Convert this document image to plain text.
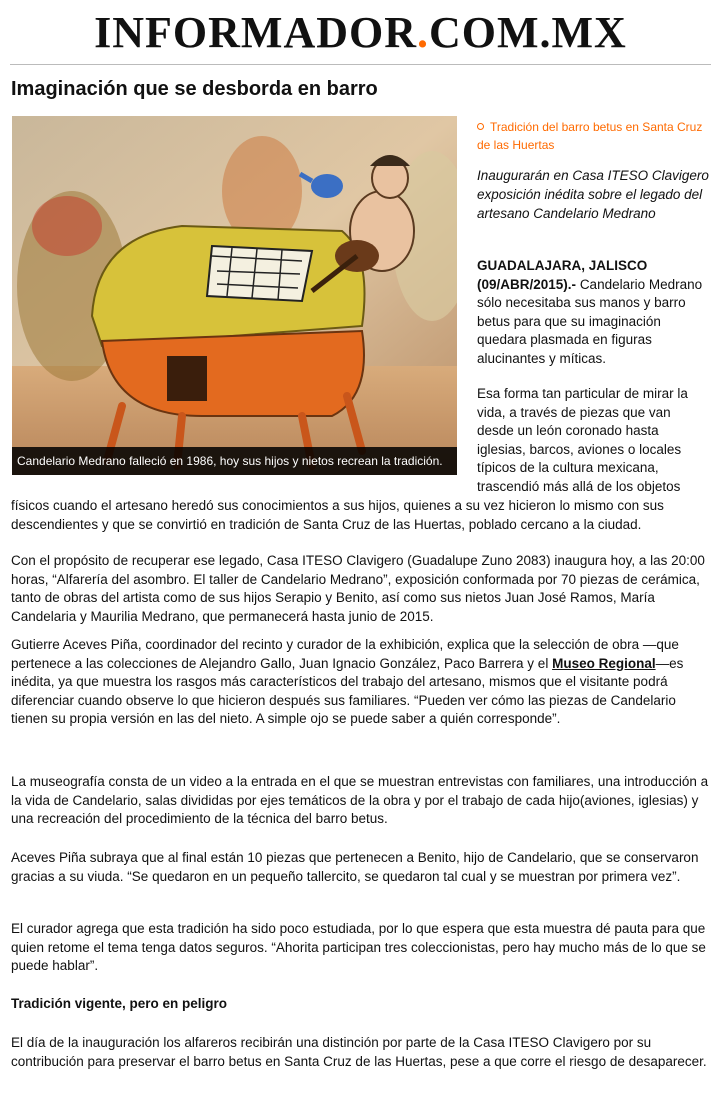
INFORMADOR.COM.MX
Imaginación que se desborda en barro
Candelario Medrano falleció en 1986, hoy sus hijos y nietos recrean la tradición.
Tradición del barro betus en Santa Cruz de las Huertas

Inaugurarán en Casa ITESO Clavigero exposición inédita sobre el legado del artesano Candelario Medrano

GUADALAJARA, JALISCO (09/ABR/2015).- Candelario Medrano sólo necesitaba sus manos y barro betus para que su imaginación quedara plasmada en figuras alucinantes y míticas.

Esa forma tan particular de mirar la vida, a través de piezas que van desde un león coronado hasta iglesias, barcos, aviones o locales típicos de la cultura mexicana, trascendió más allá de los objetos

físicos cuando el artesano heredó sus conocimientos a sus hijos, quienes a su vez hicieron lo mismo con sus descendientes y que se convirtió en tradición de Santa Cruz de las Huertas, poblado cercano a la ciudad.

Con el propósito de recuperar ese legado, Casa ITESO Clavigero (Guadalupe Zuno 2083) inaugura hoy, a las 20:00 horas, “Alfarería del asombro. El taller de Candelario Medrano”, exposición conformada por 70 piezas de cerámica, tanto de obras del artista como de sus hijos Serapio y Benito, así como sus nietos Juan José Ramos, María Candelaria y Maurilia Medrano, que permanecerá hasta junio de 2015.

Gutierre Aceves Piña, coordinador del recinto y curador de la exhibición, explica que la selección de obra —que pertenece a las colecciones de Alejandro Gallo, Juan Ignacio González, Paco Barrera y el Museo Regional—es inédita, ya que muestra los rasgos más característicos del trabajo del artesano, mismos que el visitante podrá diferenciar cuando observe lo que hicieron después sus familiares. “Pueden ver cómo las piezas de Candelario tienen su propia versión en las del nieto. A simple ojo se puede saber a quién corresponde”.

La museografía consta de un video a la entrada en el que se muestran entrevistas con familiares, una introducción a la vida de Candelario, salas divididas por ejes temáticos de la obra y por el trabajo de cada hijo(aviones, iglesias) y una recreación del procedimiento de la técnica del barro betus.

Aceves Piña subraya que al final están 10 piezas que pertenecen a Benito, hijo de Candelario, que se conservaron gracias a su viuda. “Se quedaron en un pequeño tallercito, se quedaron tal cual y se muestran por primera vez”.

El curador agrega que esta tradición ha sido poco estudiada, por lo que espera que esta muestra dé pauta para que quien retome el tema tenga datos seguros. “Ahorita participan tres coleccionistas, pero hay mucho más de lo que se puede hablar”.

Tradición vigente, pero en peligro

El día de la inauguración los alfareros recibirán una distinción por parte de la Casa ITESO Clavigero por su contribución para preservar el barro betus en Santa Cruz de las Huertas, pese a que corre el riesgo de desaparecer.
